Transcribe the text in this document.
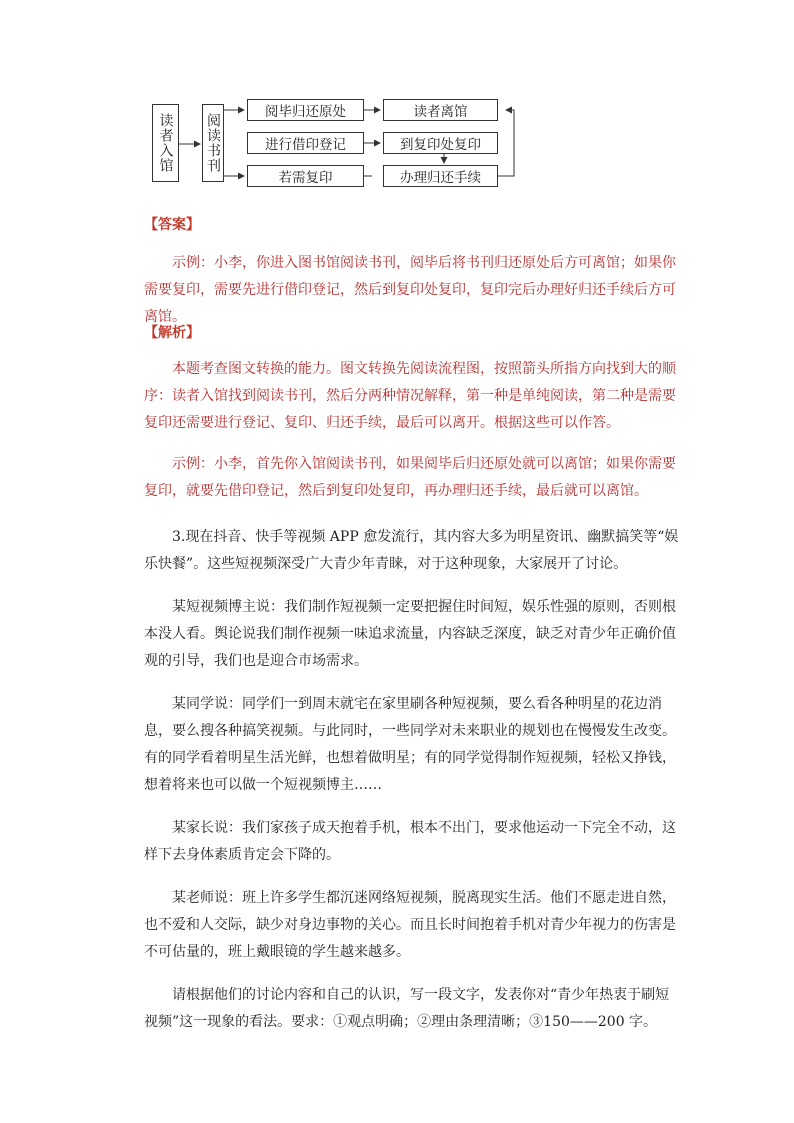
读者入馆	阅读书刊
阅毕归还原处	读者离馆
进行借印登记	到复印处复印
若需复印	办理归还手续
【答案】

示例：小李，你进入图书馆阅读书刊，阅毕后将书刊归还原处后方可离馆；如果你需要复印，需要先进行借印登记，然后到复印处复印，复印完后办理好归还手续后方可离馆。

【解析】

本题考查图文转换的能力。图文转换先阅读流程图，按照箭头所指方向找到大的顺序：读者入馆找到阅读书刊，然后分两种情况解释，第一种是单纯阅读，第二种是需要复印还需要进行登记、复印、归还手续，最后可以离开。根据这些可以作答。

示例：小李，首先你入馆阅读书刊，如果阅毕后归还原处就可以离馆；如果你需要复印，就要先借印登记，然后到复印处复印，再办理归还手续，最后就可以离馆。

3.现在抖音、快手等视频 APP 愈发流行，其内容大多为明星资讯、幽默搞笑等“娱乐快餐”。这些短视频深受广大青少年青睐，对于这种现象，大家展开了讨论。

某短视频博主说：我们制作短视频一定要把握住时间短，娱乐性强的原则，否则根本没人看。舆论说我们制作视频一味追求流量，内容缺乏深度，缺乏对青少年正确价值观的引导，我们也是迎合市场需求。

某同学说：同学们一到周末就宅在家里刷各种短视频，要么看各种明星的花边消息，要么搜各种搞笑视频。与此同时，一些同学对未来职业的规划也在慢慢发生改变。有的同学看着明星生活光鲜，也想着做明星；有的同学觉得制作短视频，轻松又挣钱，想着将来也可以做一个短视频博主……

某家长说：我们家孩子成天抱着手机，根本不出门，要求他运动一下完全不动，这样下去身体素质肯定会下降的。

某老师说：班上许多学生都沉迷网络短视频，脱离现实生活。他们不愿走进自然，也不爱和人交际，缺少对身边事物的关心。而且长时间抱着手机对青少年视力的伤害是不可估量的，班上戴眼镜的学生越来越多。

请根据他们的讨论内容和自己的认识，写一段文字，发表你对“青少年热衷于刷短视频”这一现象的看法。要求：①观点明确；②理由条理清晰；③150——200 字。
